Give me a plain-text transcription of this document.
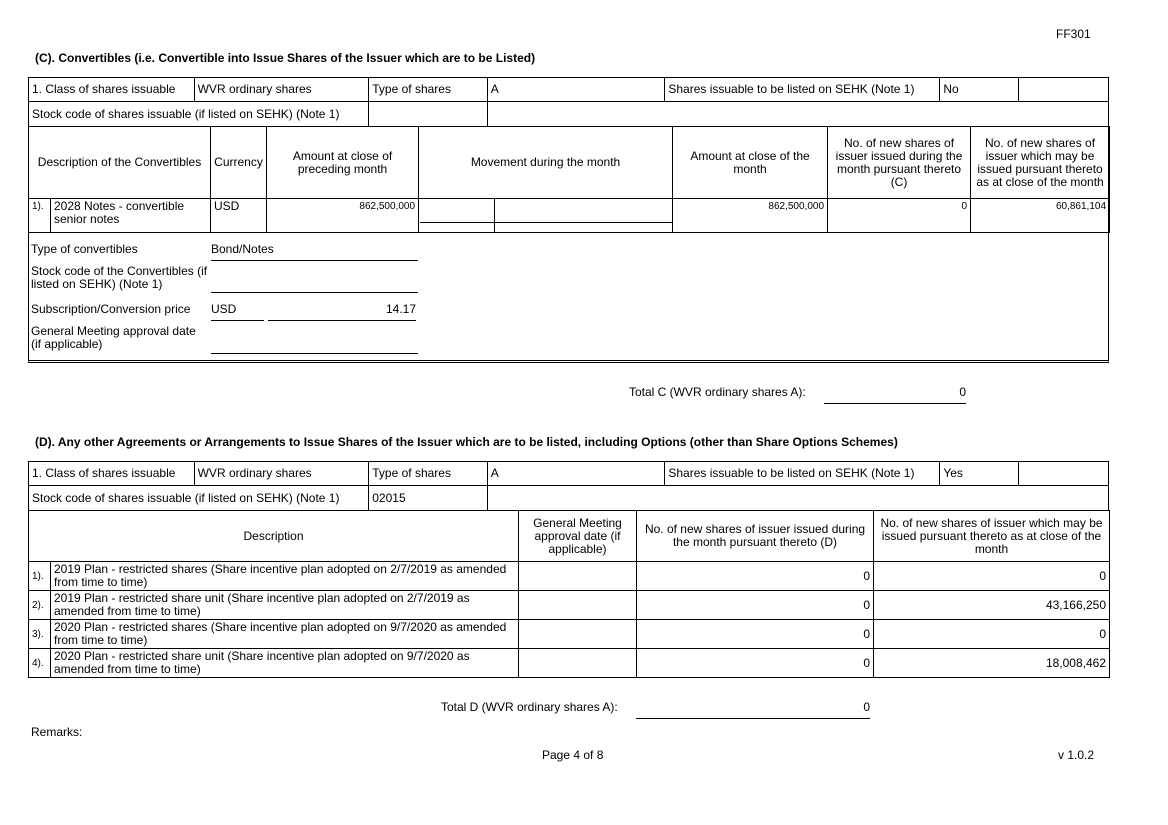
FF301
(C). Convertibles (i.e. Convertible into Issue Shares of the Issuer which are to be Listed)
1. Class of shares issuable	WVR ordinary shares	Type of shares	A	Shares issuable to be listed on SEHK (Note 1)	No	
Stock code of shares issuable (if listed on SEHK) (Note 1)						
Description of the Convertibles		Currency	Amount at close of preceding month	Movement during the month		Amount at close of the month	No. of new shares of issuer issued during the month pursuant thereto (C)	No. of new shares of issuer which may be issued pursuant thereto as at close of the month
1).	2028 Notes - convertible senior notes	USD	862,500,000			862,500,000	0	60,861,104
Type of convertibles	Bond/Notes
Stock code of the Convertibles (if listed on SEHK) (Note 1)
Subscription/Conversion price USD	14.17
General Meeting approval date (if applicable)
Total C (WVR ordinary shares A):	0
(D). Any other Agreements or Arrangements to Issue Shares of the Issuer which are to be listed, including Options (other than Share Options Schemes)
1. Class of shares issuable	WVR ordinary shares	Type of shares	A	Shares issuable to be listed on SEHK (Note 1)	Yes	
Stock code of shares issuable (if listed on SEHK) (Note 1)		02015				
Description		General Meeting approval date (if applicable)	No. of new shares of issuer issued during the month pursuant thereto (D)	No. of new shares of issuer which may be issued pursuant thereto as at close of the month
1).	2019 Plan - restricted shares (Share incentive plan adopted on 2/7/2019 as amended from time to time)		0	0
2).	2019 Plan - restricted share unit (Share incentive plan adopted on 2/7/2019 as amended from time to time)		0	43,166,250
3).	2020 Plan - restricted shares (Share incentive plan adopted on 9/7/2020 as amended from time to time)		0	0
4).	2020 Plan - restricted share unit (Share incentive plan adopted on 9/7/2020 as amended from time to time)		0	18,008,462
Total D (WVR ordinary shares A):	0
Remarks:
Page 4 of 8	v 1.0.2
